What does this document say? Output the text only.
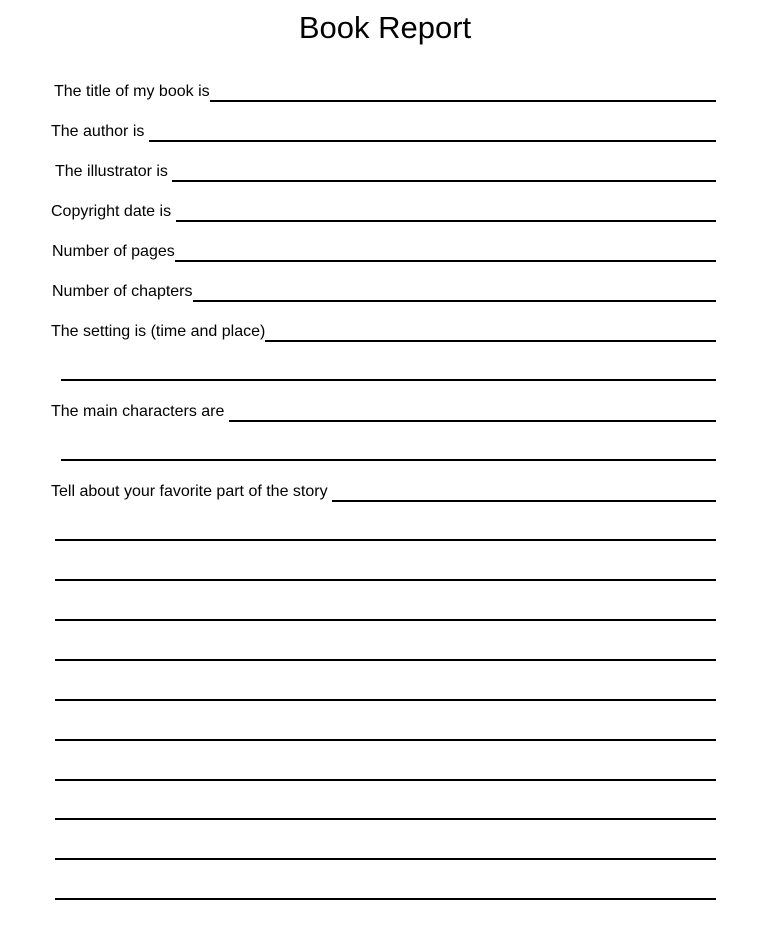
Book Report
The title of my book is
The author is
The illustrator is
Copyright date is
Number of pages
Number of chapters
The setting is (time and place)
The main characters are
Tell about your favorite part of the story
